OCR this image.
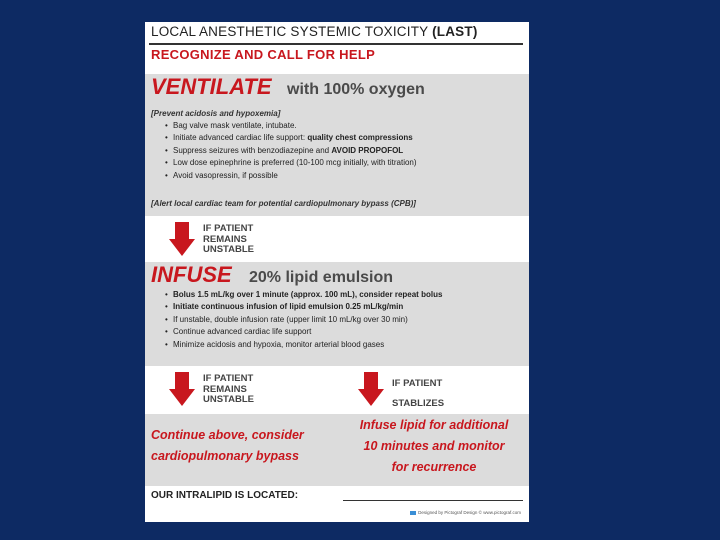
LOCAL ANESTHETIC SYSTEMIC TOXICITY (LAST)
RECOGNIZE AND CALL FOR HELP
VENTILATE with 100% oxygen
[Prevent acidosis and hypoxemia]
• Bag valve mask ventilate, intubate.
• Initiate advanced cardiac life support: quality chest compressions
• Suppress seizures with benzodiazepine and AVOID PROPOFOL
• Low dose epinephrine is preferred (10-100 mcg initially, with titration)
• Avoid vasopressin, if possible
[Alert local cardiac team for potential cardiopulmonary bypass (CPB)]
IF PATIENT
REMAINS
UNSTABLE
INFUSE 20% lipid emulsion
• Bolus 1.5 mL/kg over 1 minute (approx. 100 mL), consider repeat bolus
• Initiate continuous infusion of lipid emulsion 0.25 mL/kg/min
• If unstable, double infusion rate (upper limit 10 mL/kg over 30 min)
• Continue advanced cardiac life support
• Minimize acidosis and hypoxia, monitor arterial blood gases
IF PATIENT
REMAINS
UNSTABLE
IF PATIENT
STABLIZES
Continue above, consider
cardiopulmonary bypass
Infuse lipid for additional
10 minutes and monitor
for recurrence
OUR INTRALIPID IS LOCATED:
Designed by Pictograf Design © www.pictograf.com
